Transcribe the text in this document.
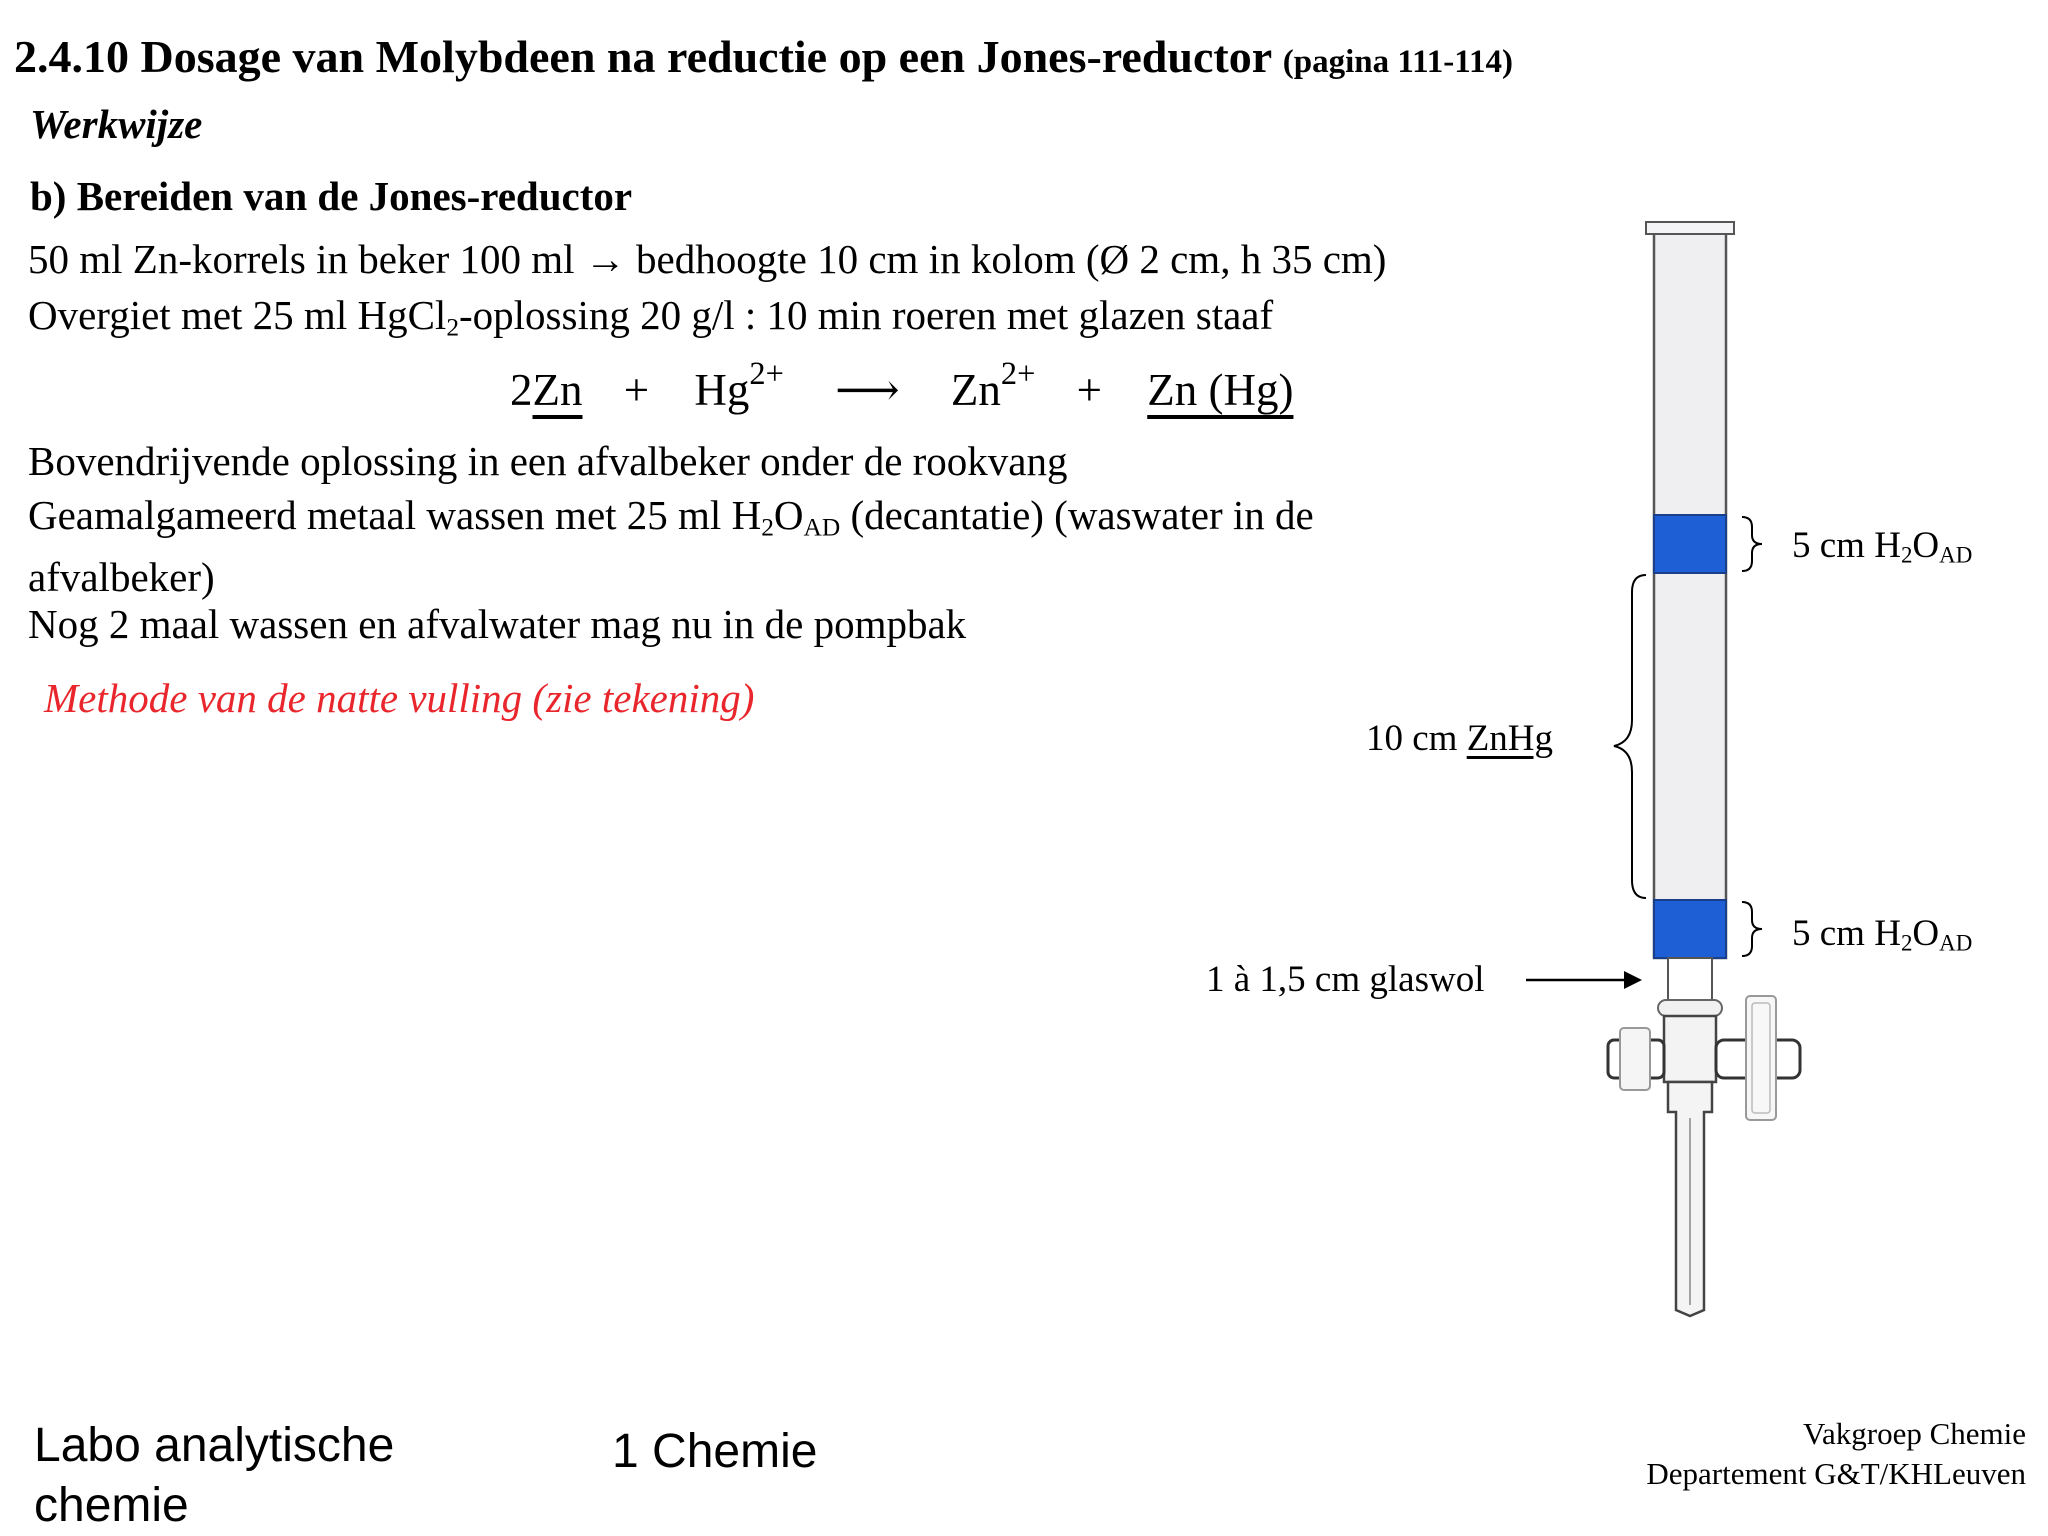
2.4.10 Dosage van Molybdeen na reductie op een Jones-reductor (pagina 111-114)
Werkwijze
b) Bereiden van de Jones-reductor
50 ml Zn-korrels in beker 100 ml → bedhoogte 10 cm in kolom (Ø 2 cm, h 35 cm)
Overgiet met 25 ml HgCl$_2$-oplossing 20 g/l : 10 min roeren met glazen staaf
$2Zn + Hg^{2+}$ ⟶ $Zn^{2+} + Zn$ (Hg)
Bovendrijvende oplossing in een afvalbeker onder de rookvang
Geamalgameerd metaal wassen met 25 ml $H_2O_{AD}$ (decantatie) (waswater in de
afvalbeker)
Nog 2 maal wassen en afvalwater mag nu in de pompbak
Methode van de natte vulling (zie tekening)
5 cm $H_2O_{AD}$
10 cm ZnHg
5 cm $H_2O_{AD}$
1 à 1,5 cm glaswol
Labo analytische
chemie
1 Chemie	Vakgroep Chemie
Departement G&T/KHLeuven
